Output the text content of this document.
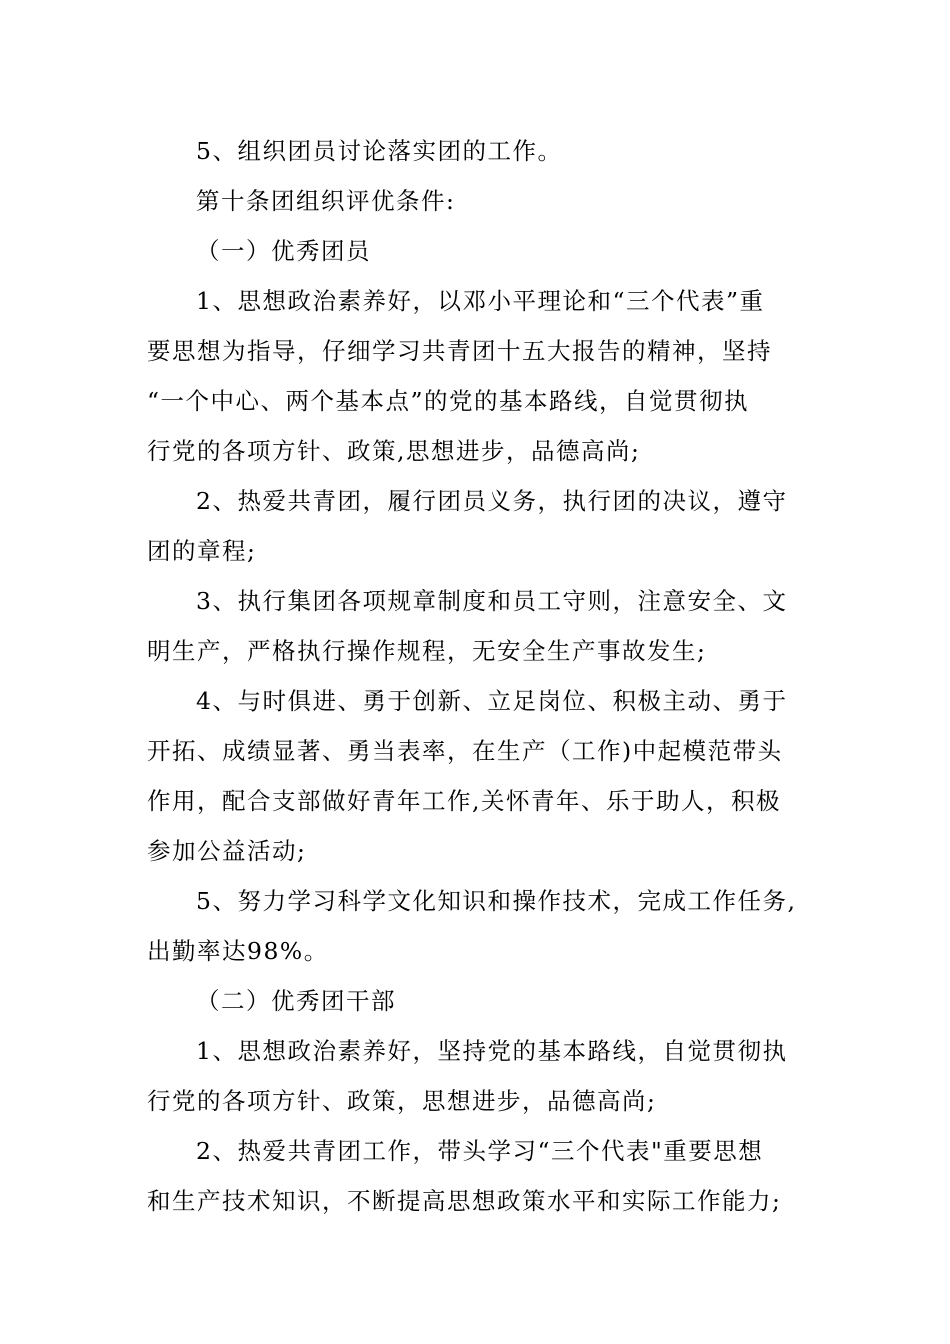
5、组织团员讨论落实团的工作。
第十条团组织评优条件:
（一）优秀团员
1、思想政治素养好，以邓小平理论和“三个代表”重
要思想为指导，仔细学习共青团十五大报告的精神，坚持
“一个中心、两个基本点”的党的基本路线，自觉贯彻执
行党的各项方针、政策,思想进步，品德高尚;
2、热爱共青团，履行团员义务，执行团的决议，遵守
团的章程;
3、执行集团各项规章制度和员工守则，注意安全、文
明生产，严格执行操作规程，无安全生产事故发生;
4、与时俱进、勇于创新、立足岗位、积极主动、勇于
开拓、成绩显著、勇当表率，在生产（工作)中起模范带头
作用，配合支部做好青年工作,关怀青年、乐于助人，积极
参加公益活动;
5、努力学习科学文化知识和操作技术，完成工作任务,
出勤率达98%。
（二）优秀团干部
1、思想政治素养好，坚持党的基本路线，自觉贯彻执
行党的各项方针、政策，思想进步，品德高尚;
2、热爱共青团工作，带头学习“三个代表"重要思想
和生产技术知识，不断提高思想政策水平和实际工作能力;
